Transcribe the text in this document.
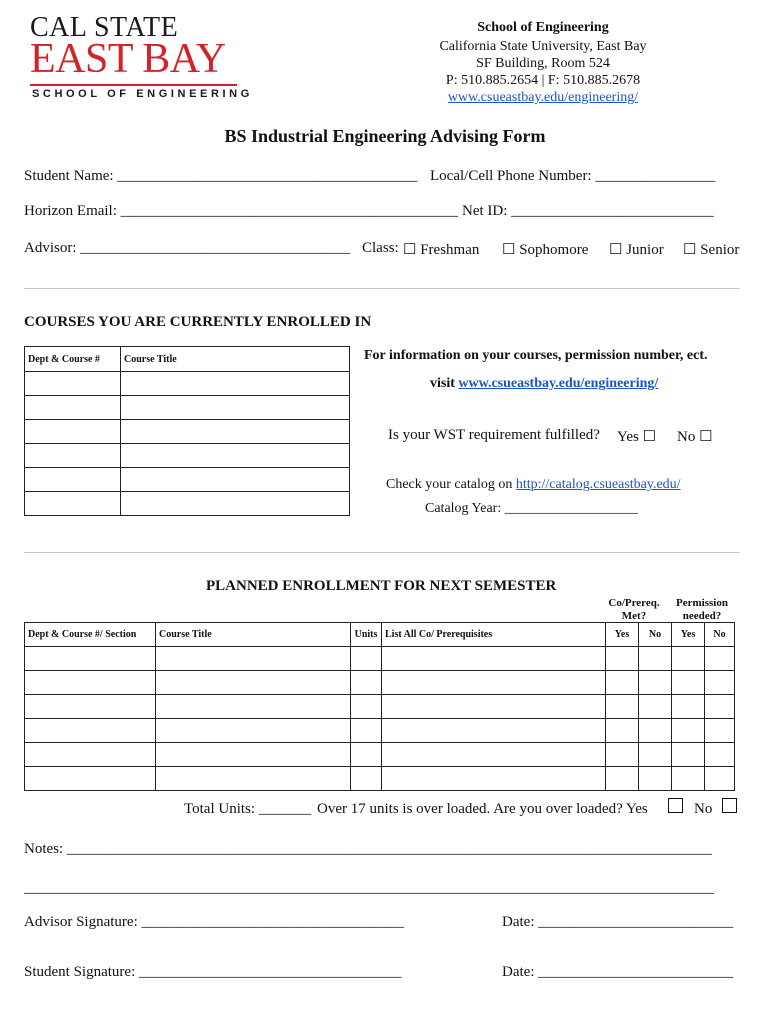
CAL STATE
EAST BAY
SCHOOL OF ENGINEERING
School of Engineering
California State University, East Bay
SF Building, Room 524
P: 510.885.2654 | F: 510.885.2678
www.csueastbay.edu/engineering/
BS Industrial Engineering Advising Form
Student Name: ________________________________________ Local/Cell Phone Number: ________________
Horizon Email: _____________________________________________ Net ID: ___________________________
Advisor: ____________________________________ Class: ☐ Freshman ☐ Sophomore ☐ Junior ☐ Senior
COURSES YOU ARE CURRENTLY ENROLLED IN
Dept & Course #	Course Title

		For information on your courses, permission number, ect.
visit www.csueastbay.edu/engineering/
Is your WST requirement fulfilled? Yes ☐ No ☐
Check your catalog on http://catalog.csueastbay.edu/
Catalog Year: ___________________
PLANNED ENROLLMENT FOR NEXT SEMESTER
Co/Prereq.
Met?
Permission
needed?
Dept & Course #/ Section	Course Title	Units	List All Co/ Prerequisites	Yes	No	Yes	No

Total Units: _______ Over 17 units is over loaded. Are you over loaded? Yes	No
Notes: ______________________________________________________________________________________
____________________________________________________________________________________________
Advisor Signature: ___________________________________	Date: __________________________
Student Signature: ___________________________________	Date: __________________________
